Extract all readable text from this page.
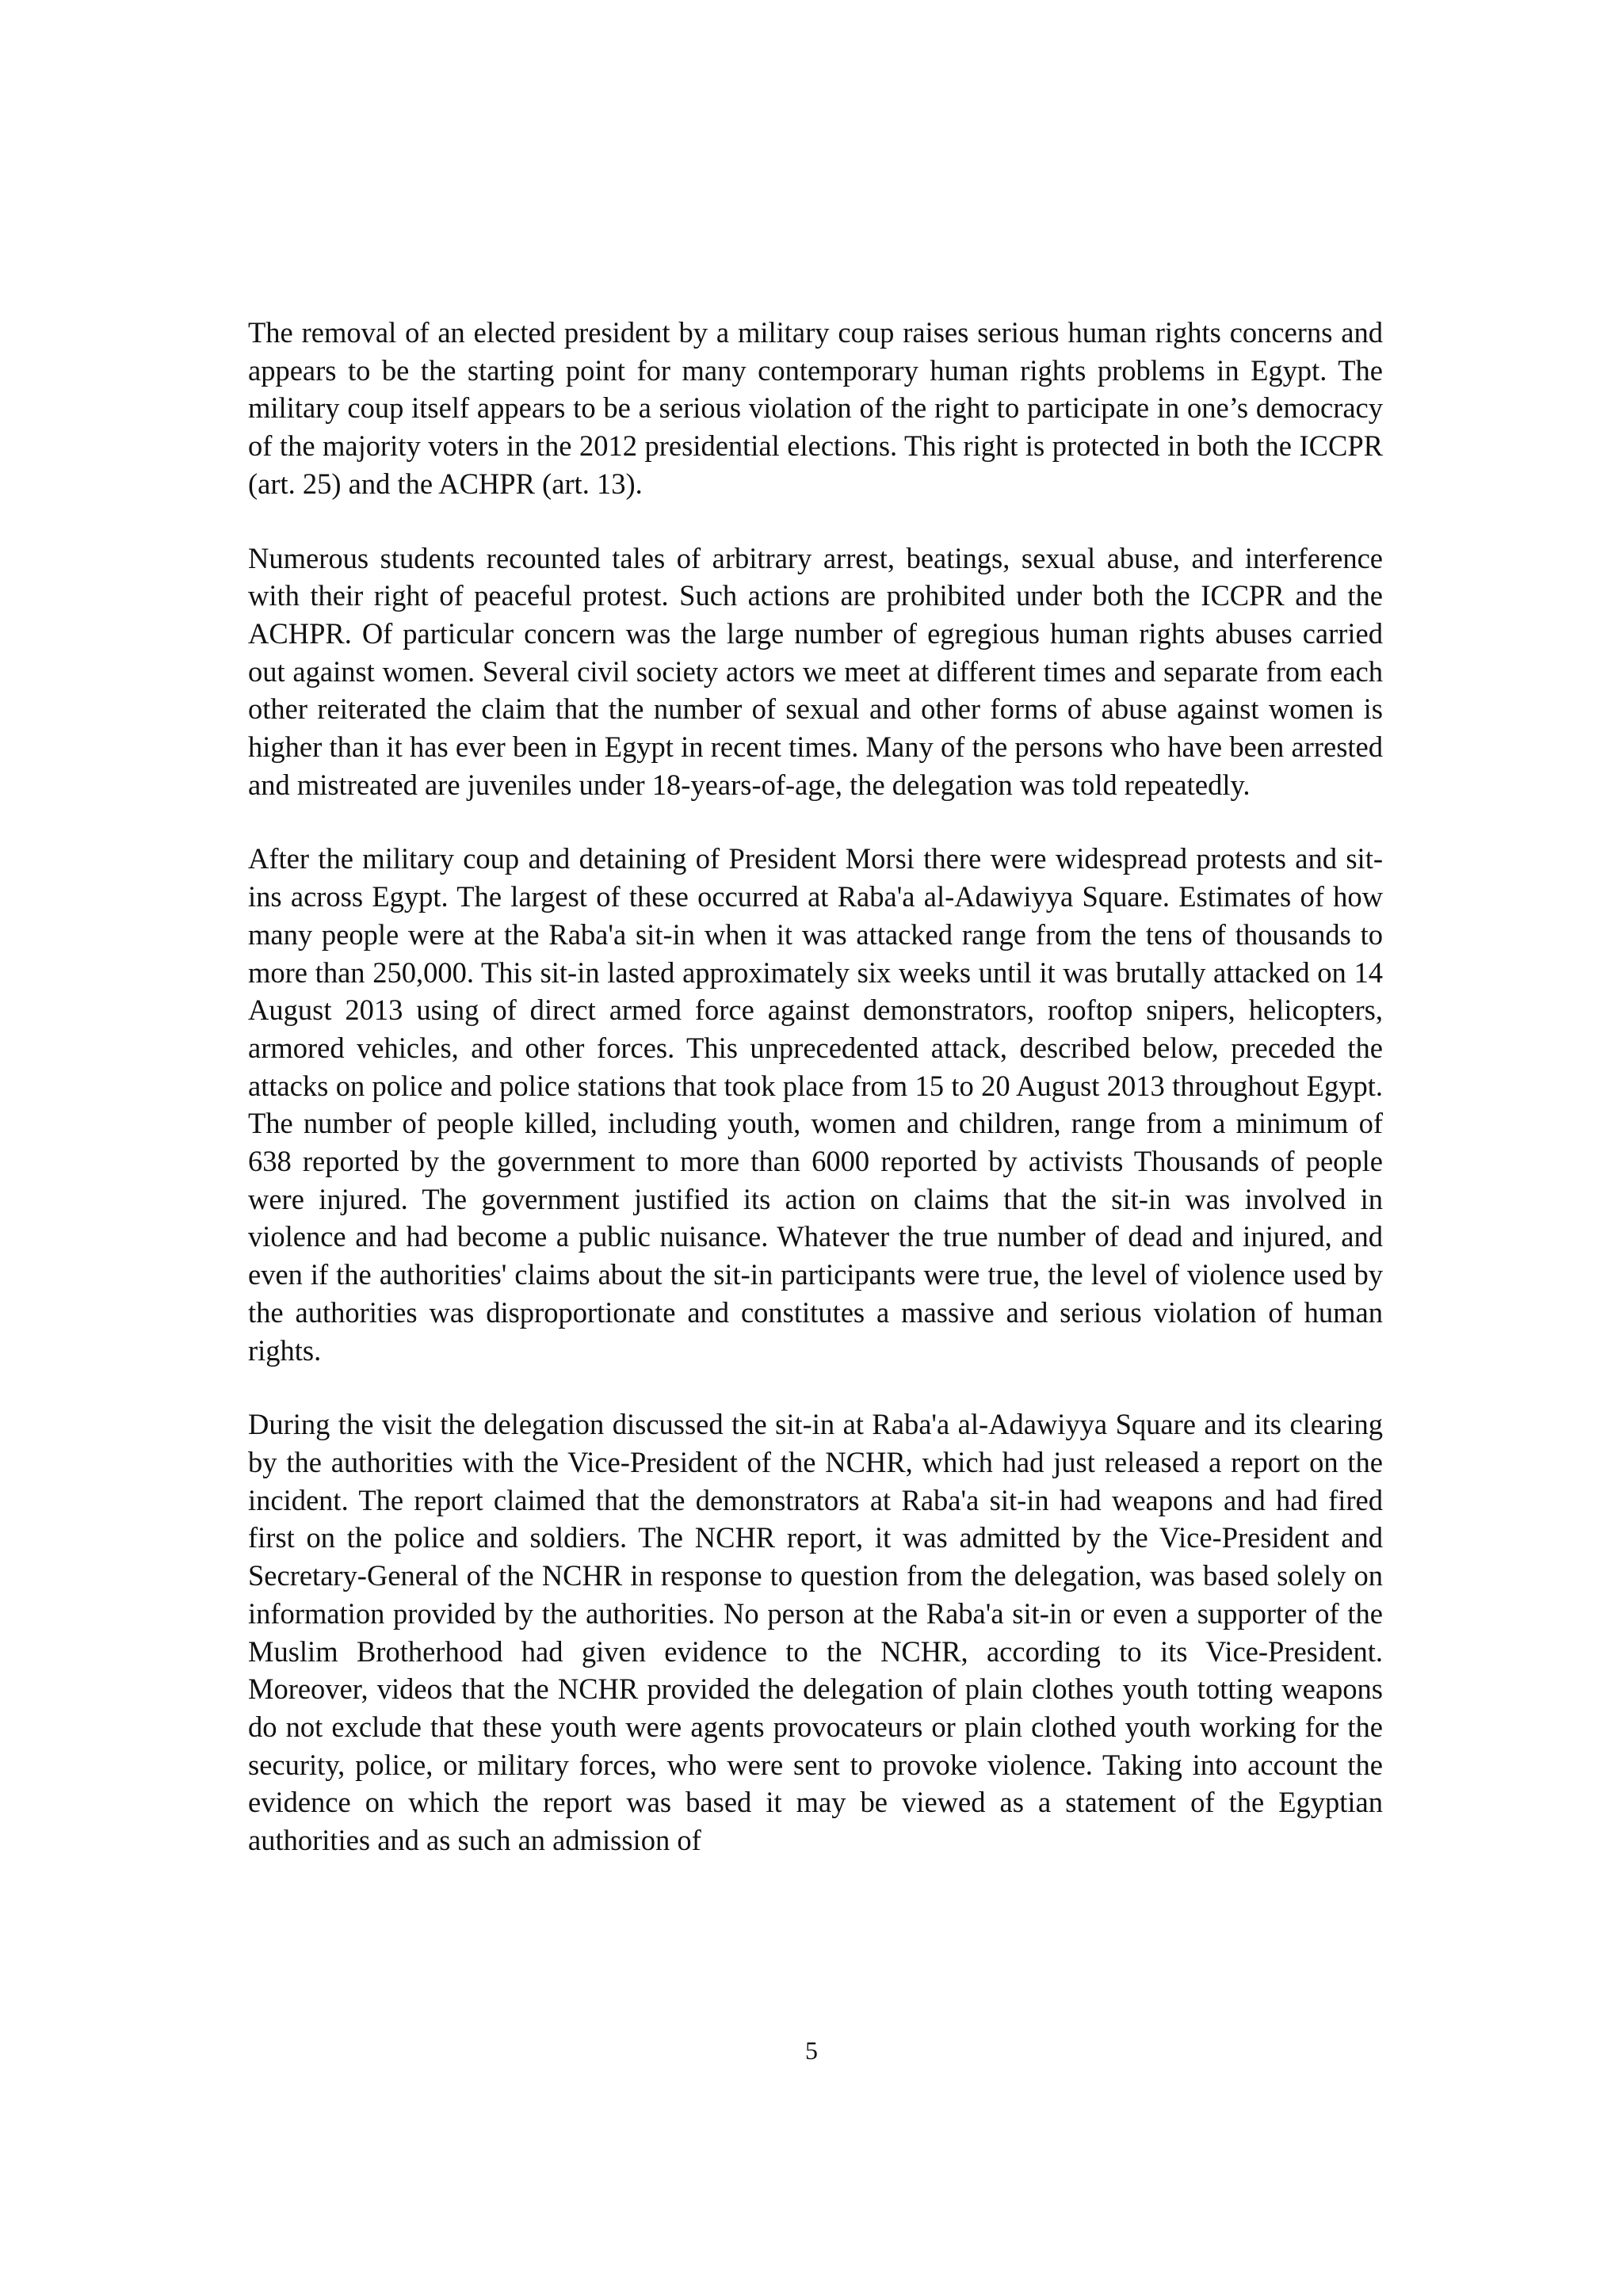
The removal of an elected president by a military coup raises serious human rights concerns and appears to be the starting point for many contemporary human rights problems in Egypt. The military coup itself appears to be a serious violation of the right to participate in one’s democracy of the majority voters in the 2012 presidential elections. This right is protected in both the ICCPR (art. 25) and the ACHPR (art. 13).

Numerous students recounted tales of arbitrary arrest, beatings, sexual abuse, and interference with their right of peaceful protest. Such actions are prohibited under both the ICCPR and the ACHPR. Of particular concern was the large number of egregious human rights abuses carried out against women. Several civil society actors we meet at different times and separate from each other reiterated the claim that the number of sexual and other forms of abuse against women is higher than it has ever been in Egypt in recent times. Many of the persons who have been arrested and mistreated are juveniles under 18-years-of-age, the delegation was told repeatedly.

After the military coup and detaining of President Morsi there were widespread protests and sit-ins across Egypt. The largest of these occurred at Raba'a al-Adawiyya Square. Estimates of how many people were at the Raba'a sit-in when it was attacked range from the tens of thousands to more than 250,000. This sit-in lasted approximately six weeks until it was brutally attacked on 14 August 2013 using of direct armed force against demonstrators, rooftop snipers, helicopters, armored vehicles, and other forces. This unprecedented attack, described below, preceded the attacks on police and police stations that took place from 15 to 20 August 2013 throughout Egypt. The number of people killed, including youth, women and children, range from a minimum of 638 reported by the government to more than 6000 reported by activists Thousands of people were injured. The government justified its action on claims that the sit-in was involved in violence and had become a public nuisance. Whatever the true number of dead and injured, and even if the authorities' claims about the sit-in participants were true, the level of violence used by the authorities was disproportionate and constitutes a massive and serious violation of human rights.

During the visit the delegation discussed the sit-in at Raba'a al-Adawiyya Square and its clearing by the authorities with the Vice-President of the NCHR, which had just released a report on the incident. The report claimed that the demonstrators at Raba'a sit-in had weapons and had fired first on the police and soldiers. The NCHR report, it was admitted by the Vice-President and Secretary-General of the NCHR in response to question from the delegation, was based solely on information provided by the authorities. No person at the Raba'a sit-in or even a supporter of the Muslim Brotherhood had given evidence to the NCHR, according to its Vice-President. Moreover, videos that the NCHR provided the delegation of plain clothes youth totting weapons do not exclude that these youth were agents provocateurs or plain clothed youth working for the security, police, or military forces, who were sent to provoke violence. Taking into account the evidence on which the report was based it may be viewed as a statement of the Egyptian authorities and as such an admission of

5
